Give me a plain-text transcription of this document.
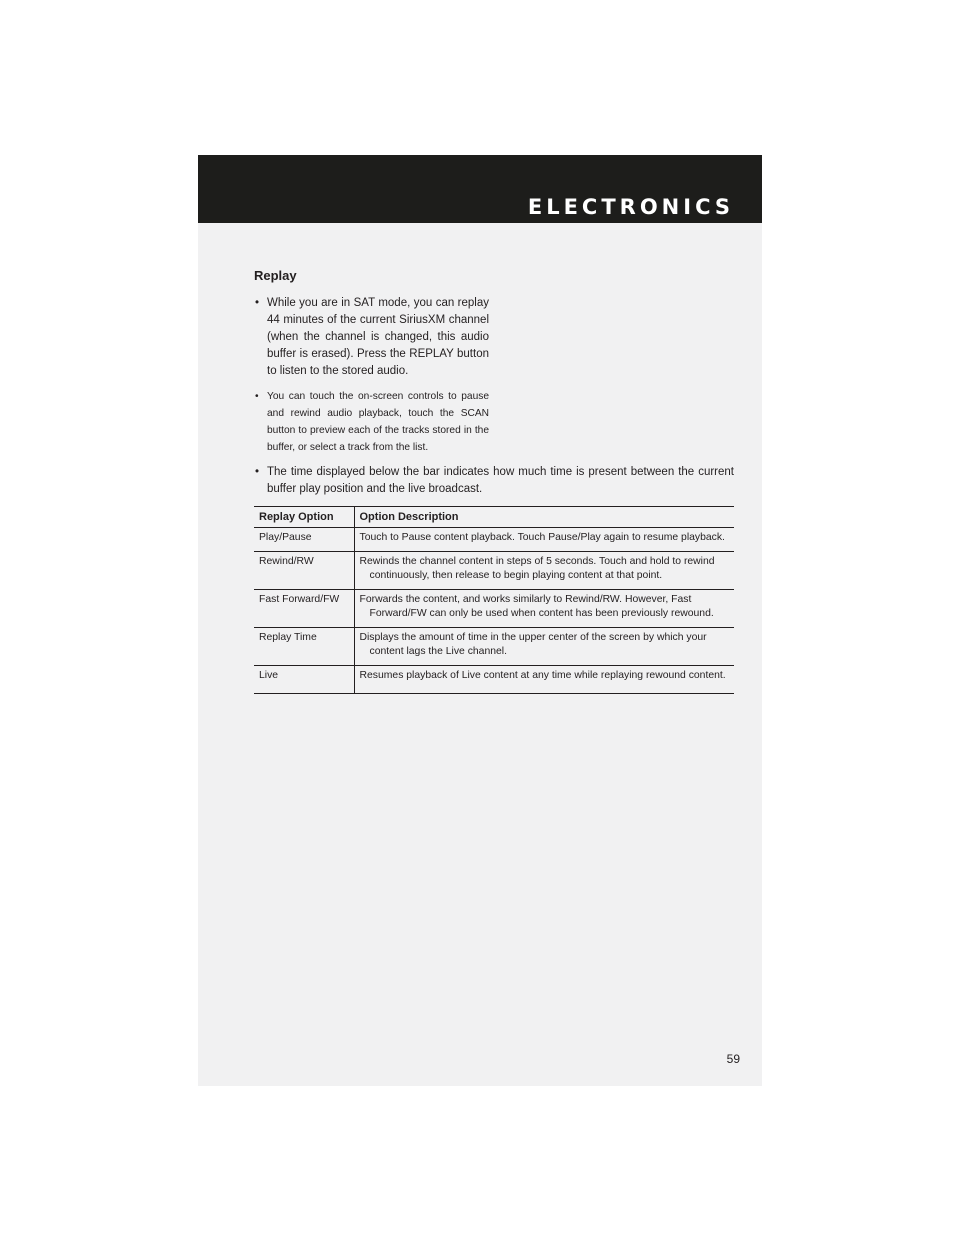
ELECTRONICS
Replay
• While you are in SAT mode, you can replay 44 minutes of the current SiriusXM channel (when the channel is changed, this audio buffer is erased). Press the REPLAY button to listen to the stored audio.
• You can touch the on-screen controls to pause and rewind audio playback, touch the SCAN button to preview each of the tracks stored in the buffer, or select a track from the list.
• The time displayed below the bar indicates how much time is present between the current buffer play position and the live broadcast.
Replay Option	Option Description
Play/Pause	Touch to Pause content playback. Touch Pause/Play again to resume playback.
Rewind/RW	Rewinds the channel content in steps of 5 seconds. Touch and hold to rewind
continuously, then release to begin playing content at that point.

Fast Forward/FW	Forwards the content, and works similarly to Rewind/RW. However, Fast
Forward/FW can only be used when content has been previously rewound.

Replay Time	Displays the amount of time in the upper center of the screen by which your
content lags the Live channel.

Live	Resumes playback of Live content at any time while replaying rewound content.
59
